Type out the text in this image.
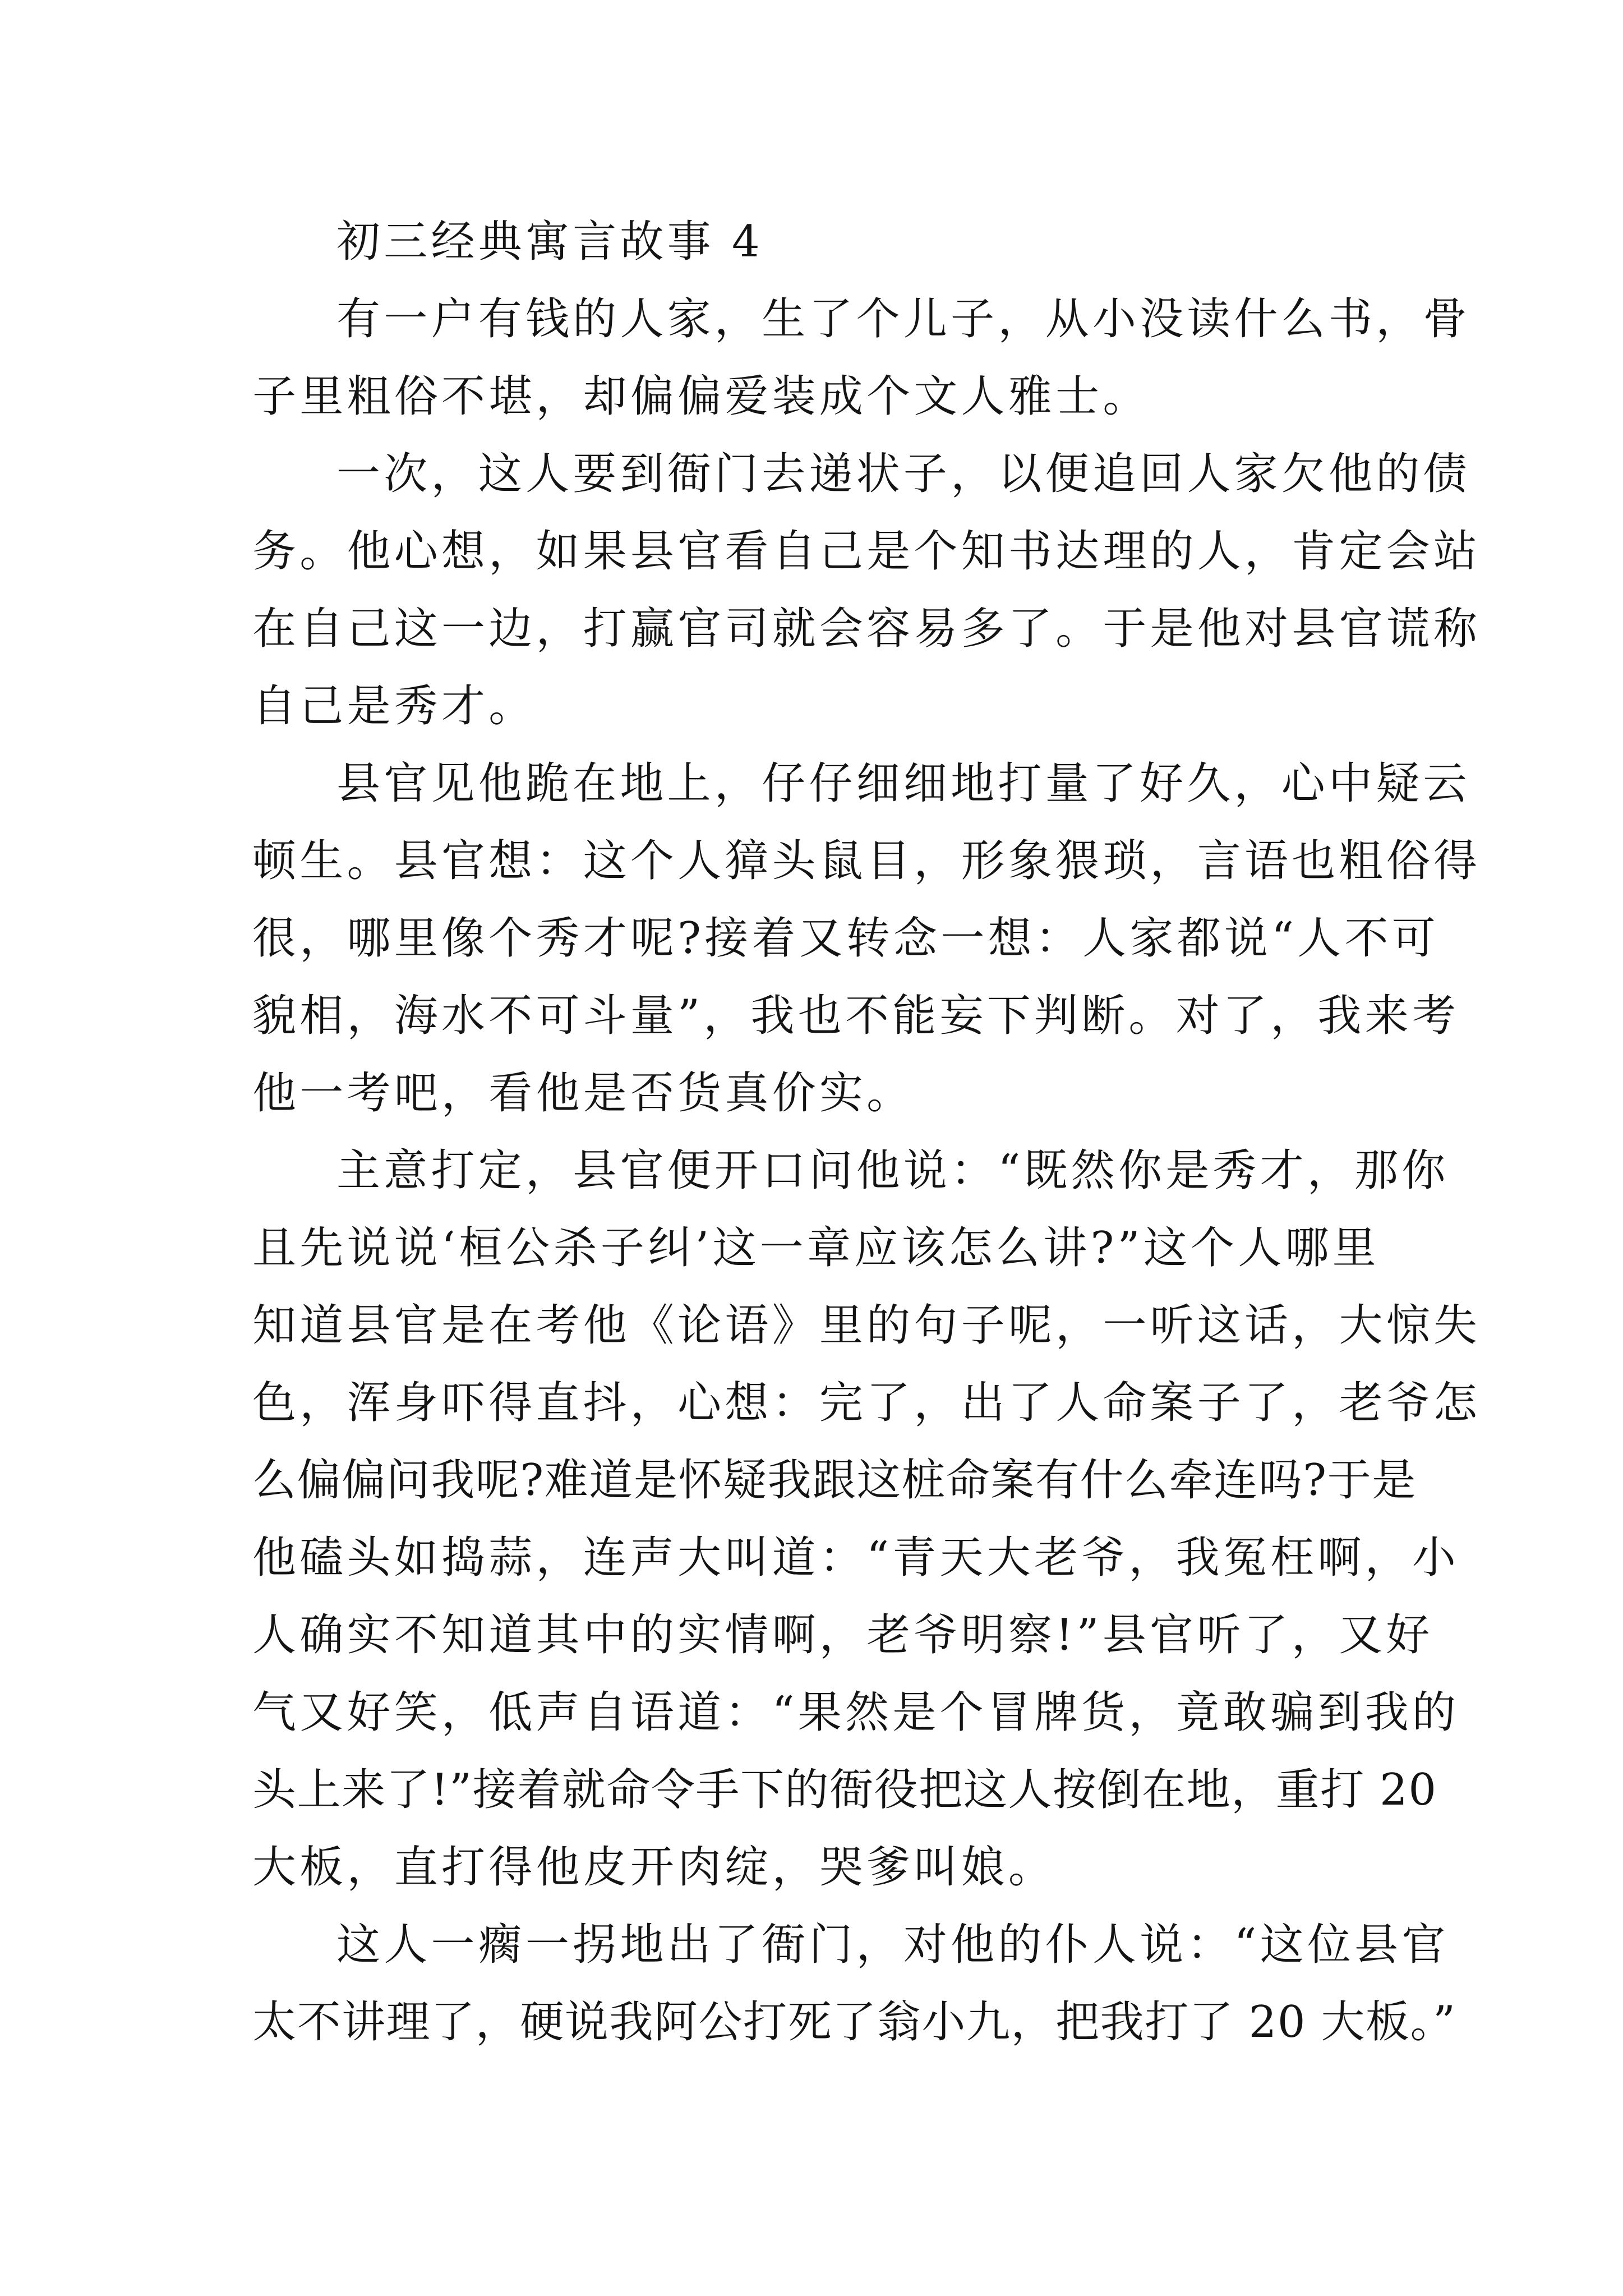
初三经典寓言故事 4
有一户有钱的人家，生了个儿子，从小没读什么书，骨
子里粗俗不堪，却偏偏爱装成个文人雅士。
一次，这人要到衙门去递状子，以便追回人家欠他的债
务。他心想，如果县官看自己是个知书达理的人，肯定会站
在自己这一边，打赢官司就会容易多了。于是他对县官谎称
自己是秀才。
县官见他跪在地上，仔仔细细地打量了好久，心中疑云
顿生。县官想：这个人獐头鼠目，形象猥琐，言语也粗俗得
很，哪里像个秀才呢?接着又转念一想：人家都说“人不可
貌相，海水不可斗量”，我也不能妄下判断。对了，我来考
他一考吧，看他是否货真价实。
主意打定，县官便开口问他说：“既然你是秀才，那你
且先说说‘桓公杀子纠’这一章应该怎么讲?”这个人哪里
知道县官是在考他《论语》里的句子呢，一听这话，大惊失
色，浑身吓得直抖，心想：完了，出了人命案子了，老爷怎
么偏偏问我呢?难道是怀疑我跟这桩命案有什么牵连吗?于是
他磕头如捣蒜，连声大叫道：“青天大老爷，我冤枉啊，小
人确实不知道其中的实情啊，老爷明察!”县官听了，又好
气又好笑，低声自语道：“果然是个冒牌货，竟敢骗到我的
头上来了!”接着就命令手下的衙役把这人按倒在地，重打 20
大板，直打得他皮开肉绽，哭爹叫娘。
这人一瘸一拐地出了衙门，对他的仆人说：“这位县官
太不讲理了，硬说我阿公打死了翁小九，把我打了 20 大板。”
